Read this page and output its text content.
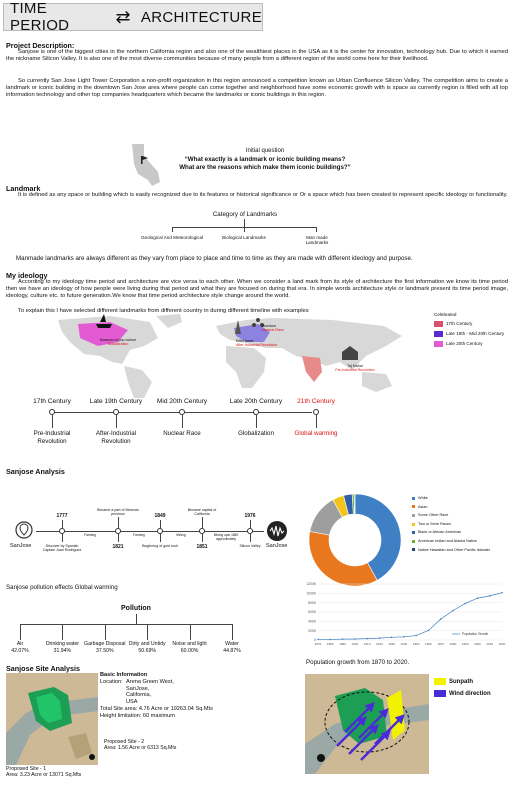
TIME PERIOD	⇄ ARCHITECTURE
Project Description:
Sanjose is one of the biggest cities in the northern California region and also one of the wealthiest places in the USA as it is the center for innovation, technology hub. Due to which it earned the nickname Silicon Valley. It is also one of the most diverse communities because of many people from a different region of the world come here for their livelihood.
So currently San Jose Light Tower Corporation a non-profit organization in this region announced a competition known as Urban Confluence Silicon Valley. The competition aims to create a landmark or iconic building in the downtown San Jose area where people can come together and neighborhood have some economic growth with is space as currently region is filled with all top information technology and other top companies headquarters which became the landmarks or iconic buildings in this region.
Initial question
“What exactly is a landmark or iconic building means?
What are the reasons which make them iconic buildings?”
Landmark
It is defined as any space or building which is easily recognized due to its features or historical significance or Or a space which has been created to represent specific ideology or functionality.
Category of Landmarks
Geological And Meteorological	Biological Landmarks	Man made Landmarks
Manmade landmarks are always different as they vary from place to place and time to time as they are made with different ideology and purpose.
My ideology
According to my ideology time period and architecture are vice versa to each other. When we consider a land mark from its style of architecture the first information we know its time period then we have an ideology of how people were living during that period and what they are focused on during that era. In simple words architecture style or landmark present its time period image, ideology, culture etc. to future generation.We know that time period architecture style change around the world.
To explain this I have selected different landmarks from different country in during different timeline with examples
Museum of pop culture
Globalization
Atomium
Nuclear Race
Eiffel tower
After-Industrial Revolution
Taj Mahal
Pre-Industrial Revolution
Celebrated
17th Century
Late 19th - Mid 20th Century
Late 20th Century
17th Century
Pre-Industrial Revolution
Late 19th Century
After-Industrial Revolution
Mid 20th Century
Nuclear Race
Late 20th Century
Globalization
21th Century
Global warming
Sanjose Analysis
SanJose	SanJose
1777
Discover by Spanish Captain Juan Rodriguez
Became a part of Mexican province
1821
1849
Beginning of gold rush
Became capital of California
1851
1976
Silicon Valley
Farming	Farming	Mining	Mining upto 1850 approximately
White
Asian
Some Other Race
Two or More Races
Black or African American
American Indian and Alaska Native
Native Hawaiian and Other Pacific Islander
Sanjose pollution effects Global warming
Pollution
Air
42.07%
Drinking water
31.94%
Garbage Disposal
37.50%
Dirty and Untidy
50.69%
Noise and light
60.00%
Water
44.87%
0
200K
400K
600K
800K
1000K
1200K
1870 1880 1890 1900 1910 1920 1930 1940 1950 1960 1970 1980 1990 2000 2010 2020
Population Growth
Population growth from 1870 to 2020.
Sanjose Site Analysis
Basic Information
Location: Arena Green West,
SanJose,
California,
USA
Total Site area: 4.76 Acre or 19263.04 Sq.Mts
Height limitation: 60 maximum
Proposed Site - 2
Area: 1.56 Acre or 6313 Sq.Mts
Proposed Site - 1
Area: 3.23 Acre or 13071 Sq.Mts
Sunpath
Wind direction
